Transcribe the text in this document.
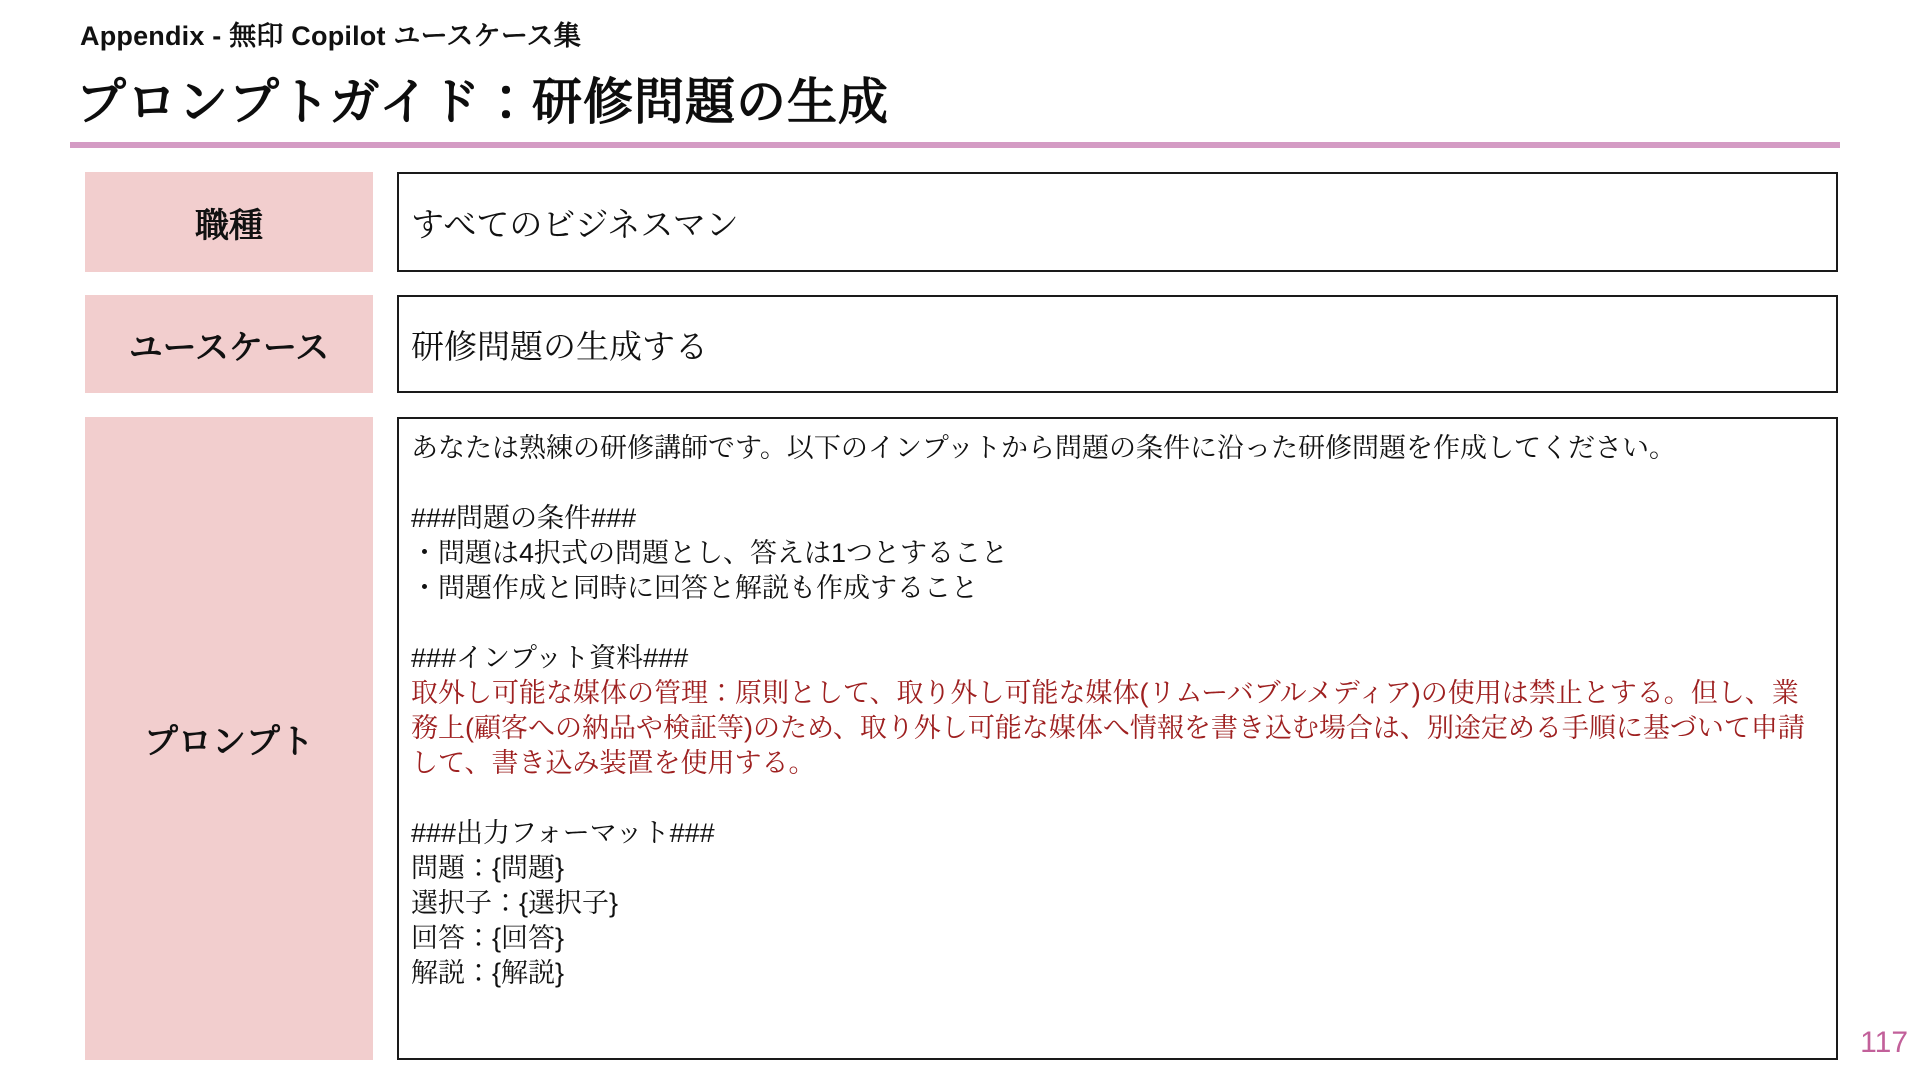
Appendix - 無印 Copilot ユースケース集
プロンプトガイド：研修問題の生成
職種	すべてのビジネスマン
ユースケース	研修問題の生成する
プロンプト
あなたは熟練の研修講師です。以下のインプットから問題の条件に沿った研修問題を作成してください。
###問題の条件###
・問題は4択式の問題とし、答えは1つとすること
・問題作成と同時に回答と解説も作成すること
###インプット資料###
取外し可能な媒体の管理：原則として、取り外し可能な媒体(リムーバブルメディア)の使用は禁止とする。但し、業務上(顧客への納品や検証等)のため、取り外し可能な媒体へ情報を書き込む場合は、別途定める手順に基づいて申請して、書き込み装置を使用する。
###出力フォーマット###
問題：{問題}
選択子：{選択子}
回答：{回答}
解説：{解説}
117
